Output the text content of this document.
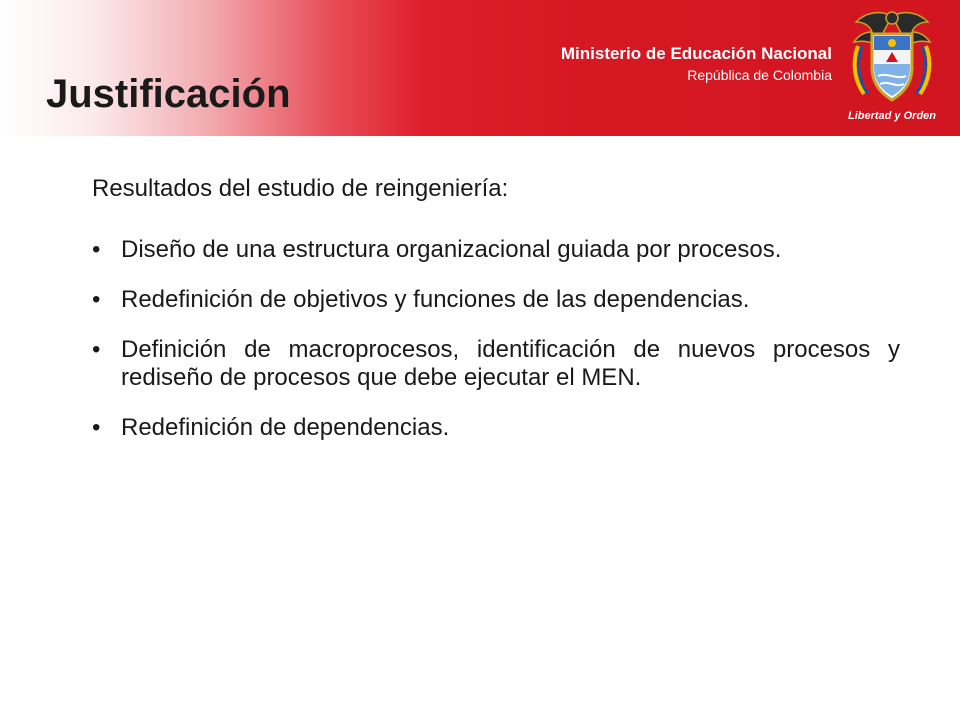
Ministerio de Educación Nacional
República de Colombia
Justificación	Libertad y Orden

Resultados del estudio de reingeniería:

• Diseño de una estructura organizacional guiada por procesos.
• Redefinición de objetivos y funciones de las dependencias.
• Definición de macroprocesos, identificación de nuevos procesos y rediseño de procesos que debe ejecutar el MEN.
• Redefinición de dependencias.
